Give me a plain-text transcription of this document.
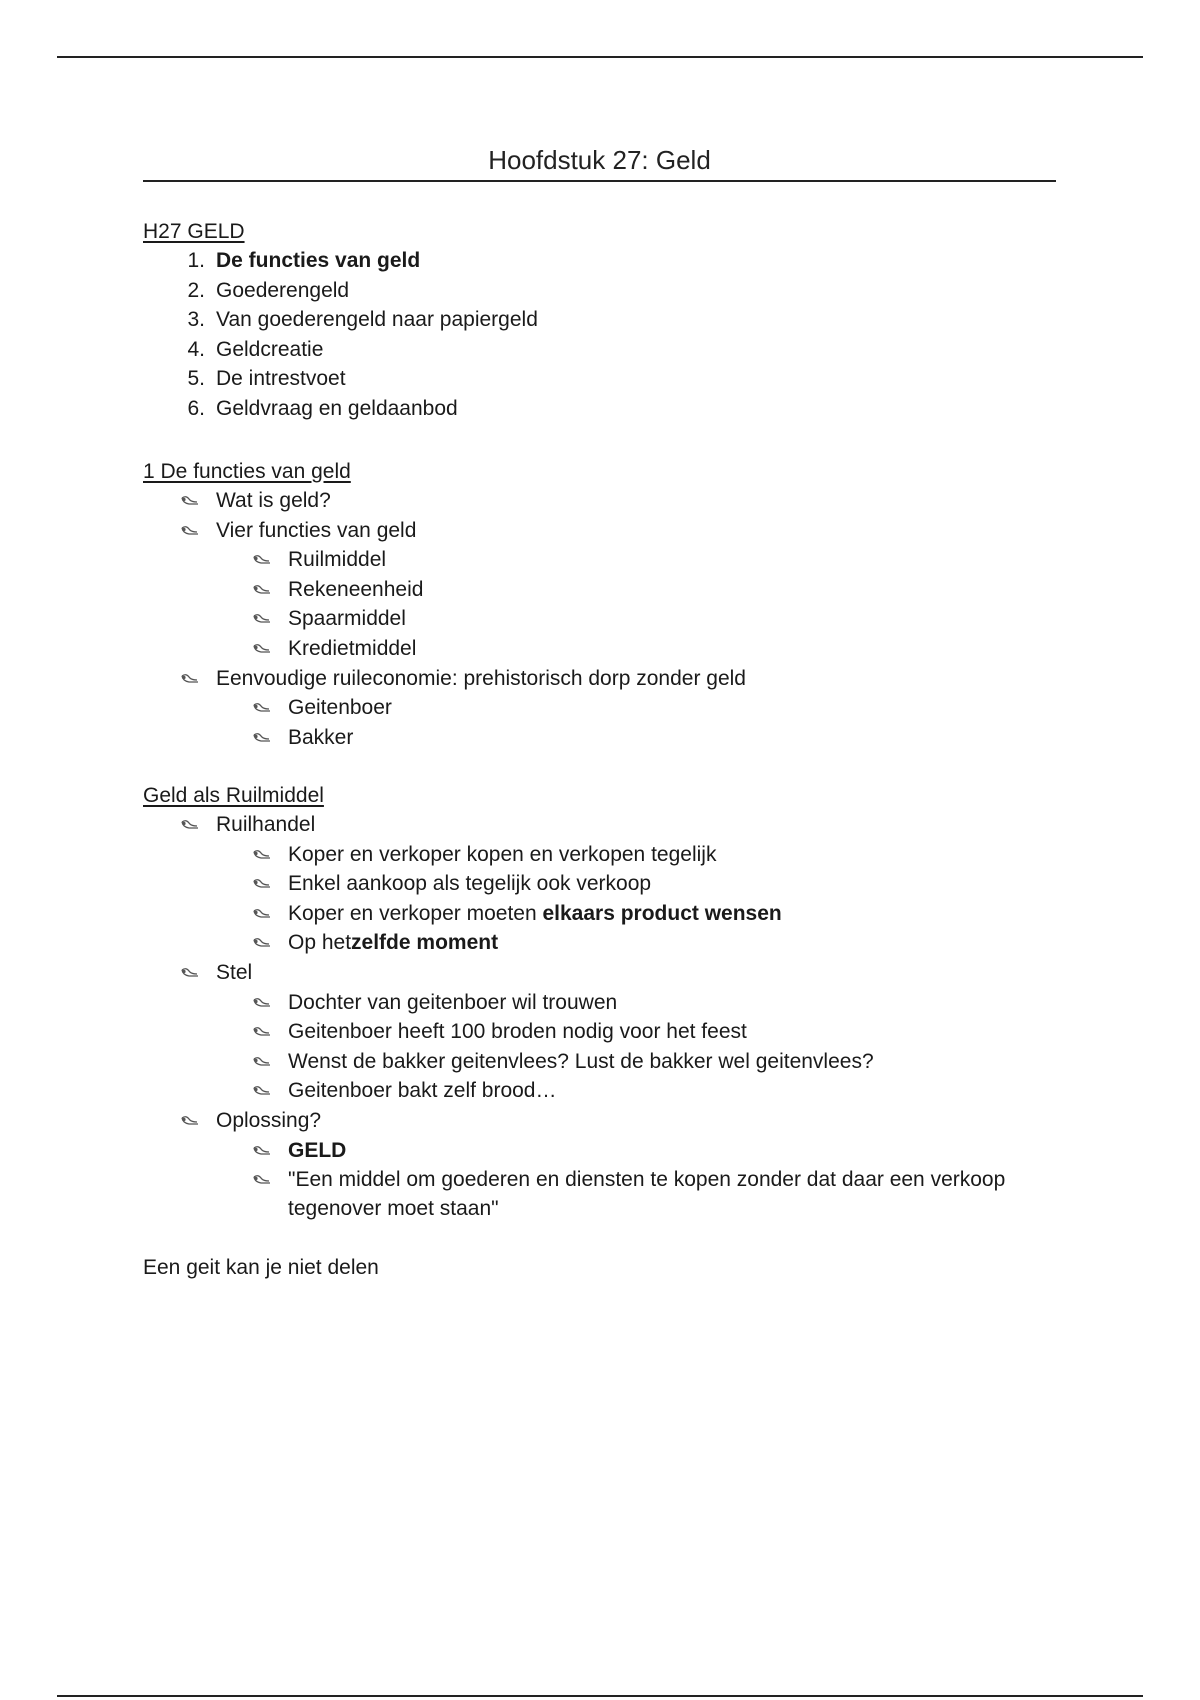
Hoofdstuk 27: Geld

H27 GELD

1. De functies van geld
2. Goederengeld
3. Van goederengeld naar papiergeld
4. Geldcreatie
5. De intrestvoet
6. Geldvraag en geldaanbod

1 De functies van geld

Wat is geld?
Vier functies van geld
Ruilmiddel
Rekeneenheid
Spaarmiddel
Kredietmiddel
Eenvoudige ruileconomie: prehistorisch dorp zonder geld
Geitenboer
Bakker

Geld als Ruilmiddel

Ruilhandel
Koper en verkoper kopen en verkopen tegelijk
Enkel aankoop als tegelijk ook verkoop
Koper en verkoper moeten elkaars product wensen
Op hetzelfde moment
Stel
Dochter van geitenboer wil trouwen
Geitenboer heeft 100 broden nodig voor het feest
Wenst de bakker geitenvlees? Lust de bakker wel geitenvlees?
Geitenboer bakt zelf brood…
Oplossing?
GELD
"Een middel om goederen en diensten te kopen zonder dat daar een verkoop tegenover moet staan"
Een geit kan je niet delen
